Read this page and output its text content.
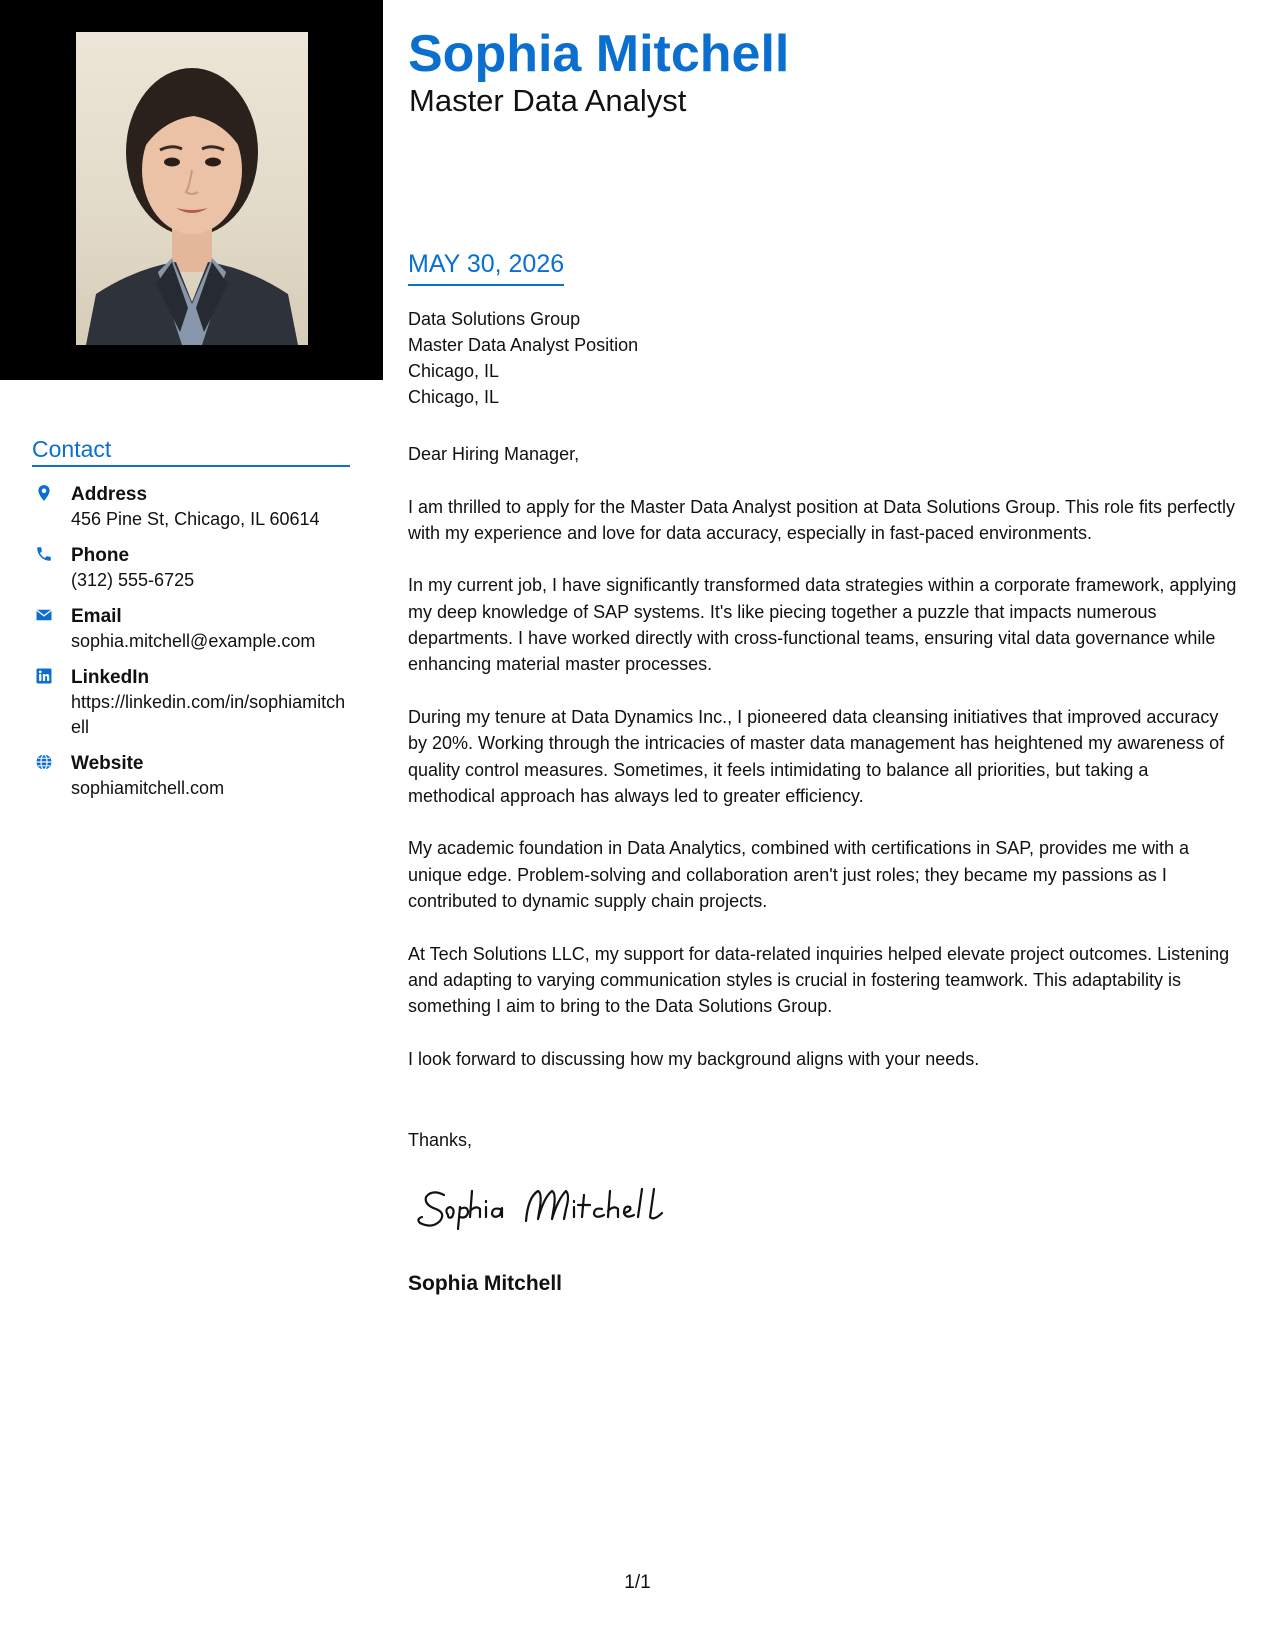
Contact
Address
456 Pine St, Chicago, IL 60614
Phone
(312) 555-6725
Email
sophia.mitchell@example.com
LinkedIn
https://linkedin.com/in/sophiamitchell
Website
sophiamitchell.com
Sophia Mitchell
Master Data Analyst
MAY 30, 2026
Data Solutions Group
Master Data Analyst Position
Chicago, IL
Chicago, IL

Dear Hiring Manager,

I am thrilled to apply for the Master Data Analyst position at Data Solutions Group. This role fits perfectly with my experience and love for data accuracy, especially in fast-paced environments.

In my current job, I have significantly transformed data strategies within a corporate framework, applying my deep knowledge of SAP systems. It's like piecing together a puzzle that impacts numerous departments. I have worked directly with cross-functional teams, ensuring vital data governance while enhancing material master processes.

During my tenure at Data Dynamics Inc., I pioneered data cleansing initiatives that improved accuracy by 20%. Working through the intricacies of master data management has heightened my awareness of quality control measures. Sometimes, it feels intimidating to balance all priorities, but taking a methodical approach has always led to greater efficiency.

My academic foundation in Data Analytics, combined with certifications in SAP, provides me with a unique edge. Problem-solving and collaboration aren't just roles; they became my passions as I contributed to dynamic supply chain projects.

At Tech Solutions LLC, my support for data-related inquiries helped elevate project outcomes. Listening and adapting to varying communication styles is crucial in fostering teamwork. This adaptability is something I aim to bring to the Data Solutions Group.

I look forward to discussing how my background aligns with your needs.

Thanks,
Sophia Mitchell
1/1
